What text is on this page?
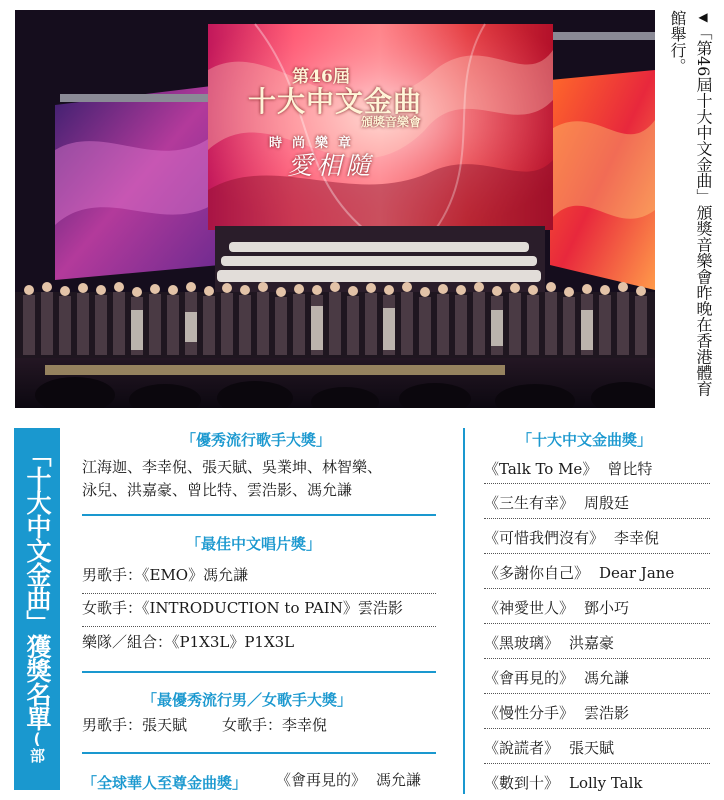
第46屆
十大中文金曲
頒獎音樂會
時尚樂章
愛相隨
◀「第46屆十大中文金曲」頒獎音樂會昨晚在香港體育館舉行。
「十大中文金曲」獲獎名單(部
「優秀流行歌手大獎」
江海迦、李幸倪、張天賦、吳業坤、林智樂、
泳兒、洪嘉豪、曾比特、雲浩影、馮允謙
「最佳中文唱片獎」
男歌手：《EMO》馮允謙
女歌手：《INTRODUCTION to PAIN》雲浩影
樂隊／組合：《P1X3L》P1X3L
「最優秀流行男／女歌手大獎」
男歌手：張天賦 女歌手：李幸倪
「全球華人至尊金曲獎」 《會再見的》 馮允謙
「十大中文金曲獎」
《Talk To Me》 曾比特
《三生有幸》 周殷廷
《可惜我們沒有》 李幸倪
《多謝你自己》 Dear Jane
《神愛世人》 鄧小巧
《黑玻璃》 洪嘉豪
《會再見的》 馮允謙
《慢性分手》 雲浩影
《說謊者》 張天賦
《數到十》 Lolly Talk
